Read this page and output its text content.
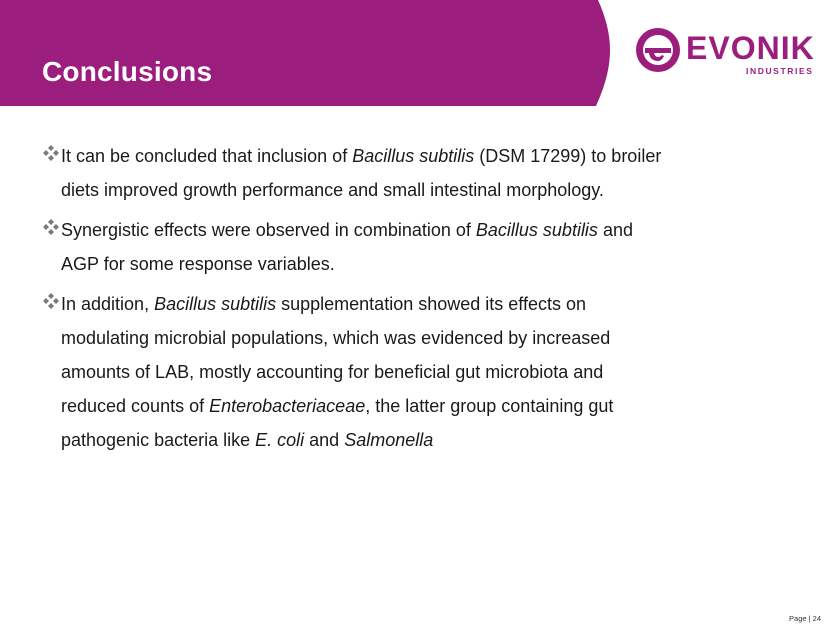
Conclusions
EVONIK
INDUSTRIES
It can be concluded that inclusion of Bacillus subtilis (DSM 17299) to broiler
diets improved growth performance and small intestinal morphology.
Synergistic effects were observed in combination of Bacillus subtilis and
AGP for some response variables.
In addition, Bacillus subtilis supplementation showed its effects on
modulating microbial populations, which was evidenced by increased
amounts of LAB, mostly accounting for beneficial gut microbiota and
reduced counts of Enterobacteriaceae, the latter group containing gut
pathogenic bacteria like E. coli and Salmonella
Page | 24
